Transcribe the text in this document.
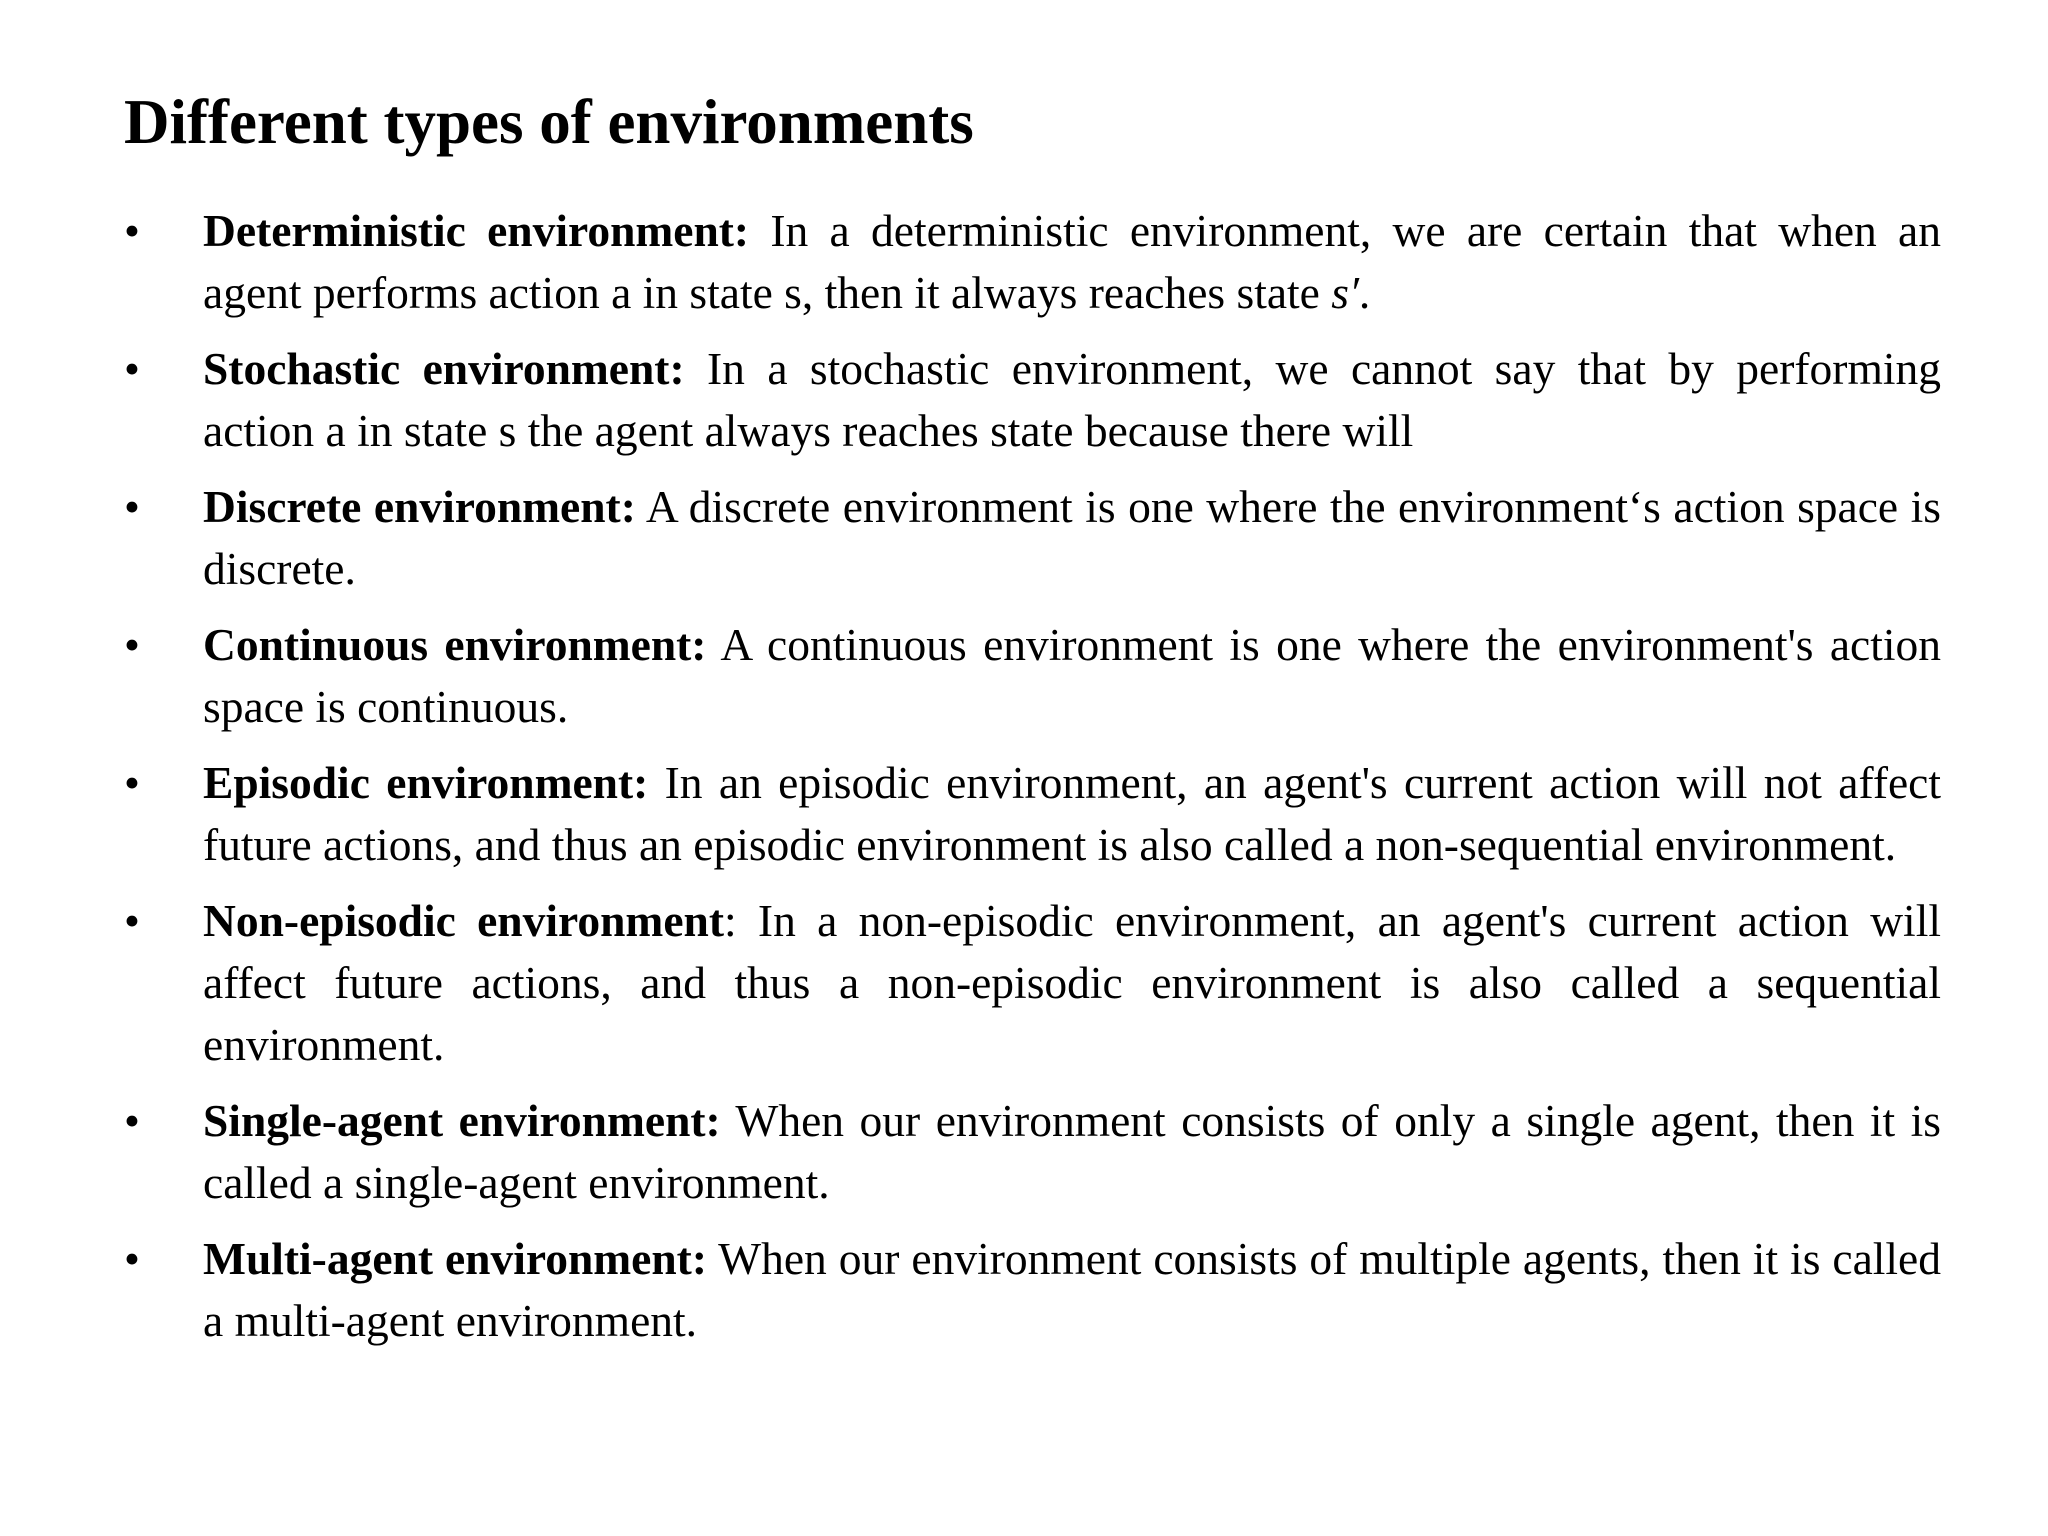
Different types of environments
•	Deterministic environment: In a deterministic environment, we are certain that when an agent performs action a in state s, then it always reaches state s′.
•	Stochastic environment: In a stochastic environment, we cannot say that by performing action a in state s the agent always reaches state because there will
•	Discrete environment: A discrete environment is one where the environment‘s action space is discrete.
•	Continuous environment: A continuous environment is one where the environment's action space is continuous.
•	Episodic environment: In an episodic environment, an agent's current action will not affect future actions, and thus an episodic environment is also called a non-sequential environment.
•	Non-episodic environment: In a non-episodic environment, an agent's current action will affect future actions, and thus a non-episodic environment is also called a sequential environment.
•	Single-agent environment: When our environment consists of only a single agent, then it is called a single-agent environment.
•	Multi-agent environment: When our environment consists of multiple agents, then it is called a multi-agent environment.
